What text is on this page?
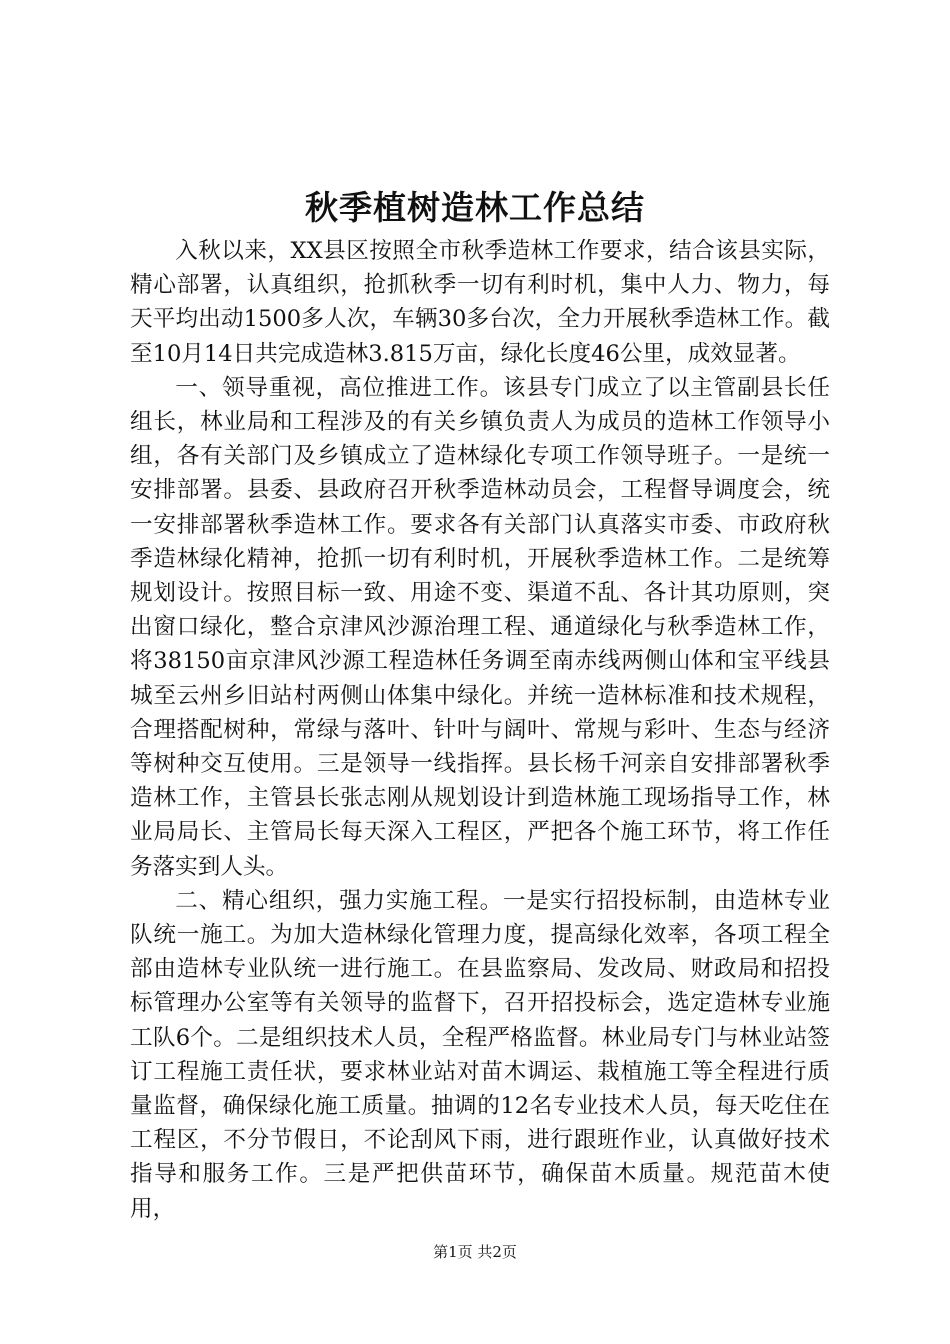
秋季植树造林工作总结

入秋以来，XX县区按照全市秋季造林工作要求，结合该县实际，精心部署，认真组织，抢抓秋季一切有利时机，集中人力、物力，每天平均出动1500多人次，车辆30多台次，全力开展秋季造林工作。截至10月14日共完成造林3.815万亩，绿化长度46公里，成效显著。

一、领导重视，高位推进工作。该县专门成立了以主管副县长任组长，林业局和工程涉及的有关乡镇负责人为成员的造林工作领导小组，各有关部门及乡镇成立了造林绿化专项工作领导班子。一是统一安排部署。县委、县政府召开秋季造林动员会，工程督导调度会，统一安排部署秋季造林工作。要求各有关部门认真落实市委、市政府秋季造林绿化精神，抢抓一切有利时机，开展秋季造林工作。二是统筹规划设计。按照目标一致、用途不变、渠道不乱、各计其功原则，突出窗口绿化，整合京津风沙源治理工程、通道绿化与秋季造林工作，将38150亩京津风沙源工程造林任务调至南赤线两侧山体和宝平线县城至云州乡旧站村两侧山体集中绿化。并统一造林标准和技术规程，合理搭配树种，常绿与落叶、针叶与阔叶、常规与彩叶、生态与经济等树种交互使用。三是领导一线指挥。县长杨千河亲自安排部署秋季造林工作，主管县长张志刚从规划设计到造林施工现场指导工作，林业局局长、主管局长每天深入工程区，严把各个施工环节，将工作任务落实到人头。

二、精心组织，强力实施工程。一是实行招投标制，由造林专业队统一施工。为加大造林绿化管理力度，提高绿化效率，各项工程全部由造林专业队统一进行施工。在县监察局、发改局、财政局和招投标管理办公室等有关领导的监督下，召开招投标会，选定造林专业施工队6个。二是组织技术人员，全程严格监督。林业局专门与林业站签订工程施工责任状，要求林业站对苗木调运、栽植施工等全程进行质量监督，确保绿化施工质量。抽调的12名专业技术人员，每天吃住在工程区，不分节假日，不论刮风下雨，进行跟班作业，认真做好技术指导和服务工作。三是严把供苗环节，确保苗木质量。规范苗木使用，

第1页 共2页
